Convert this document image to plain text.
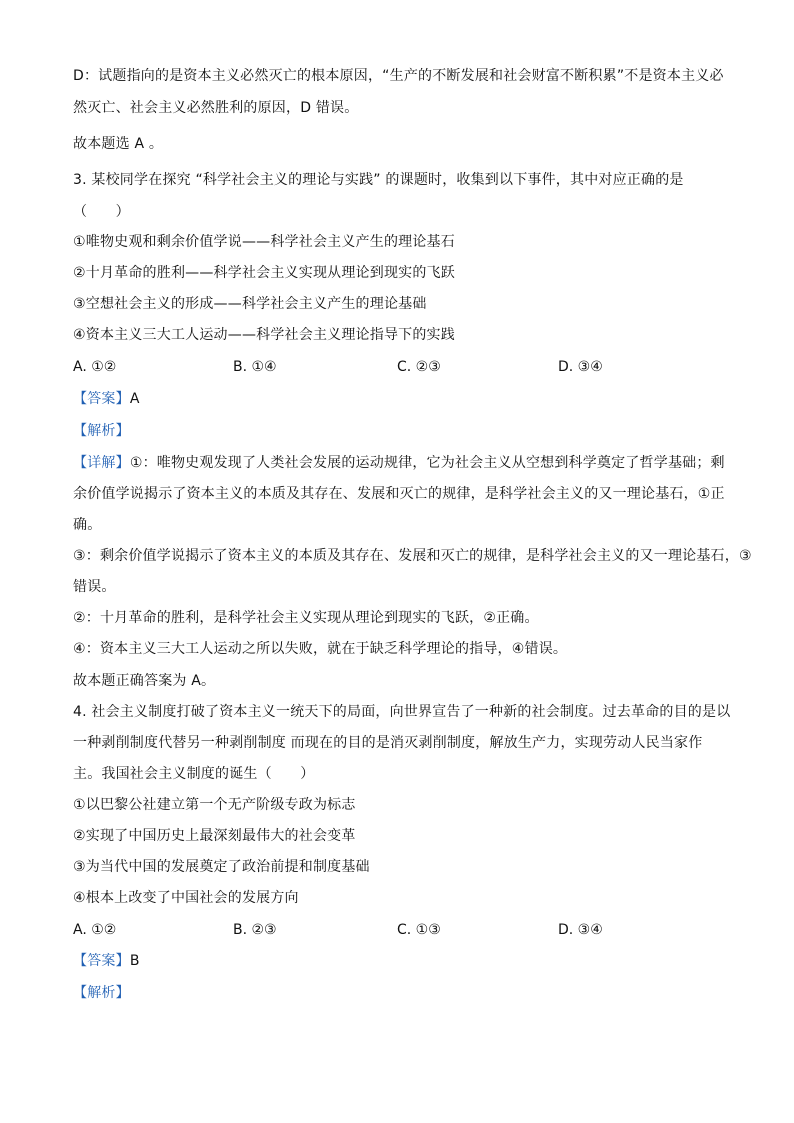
D：试题指向的是资本主义必然灭亡的根本原因，“生产的不断发展和社会财富不断积累”不是资本主义必
然灭亡、社会主义必然胜利的原因，D 错误。
故本题选 A 。
3. 某校同学在探究 “科学社会主义的理论与实践” 的课题时，收集到以下事件，其中对应正确的是
（　　）
①唯物史观和剩余价值学说——科学社会主义产生的理论基石
②十月革命的胜利——科学社会主义实现从理论到现实的飞跃
③空想社会主义的形成——科学社会主义产生的理论基础
④资本主义三大工人运动——科学社会主义理论指导下的实践
A. ①②	B. ①④	C. ②③	D. ③④
【答案】A
【解析】
【详解】①：唯物史观发现了人类社会发展的运动规律，它为社会主义从空想到科学奠定了哲学基础；剩
余价值学说揭示了资本主义的本质及其存在、发展和灭亡的规律，是科学社会主义的又一理论基石，①正
确。
③：剩余价值学说揭示了资本主义的本质及其存在、发展和灭亡的规律，是科学社会主义的又一理论基石，③
错误。
②：十月革命的胜利，是科学社会主义实现从理论到现实的飞跃，②正确。
④：资本主义三大工人运动之所以失败，就在于缺乏科学理论的指导，④错误。
故本题正确答案为 A。
4. 社会主义制度打破了资本主义一统天下的局面，向世界宣告了一种新的社会制度。过去革命的目的是以
一种剥削制度代替另一种剥削制度 而现在的目的是消灭剥削制度，解放生产力，实现劳动人民当家作
主。我国社会主义制度的诞生（　　）
①以巴黎公社建立第一个无产阶级专政为标志
②实现了中国历史上最深刻最伟大的社会变革
③为当代中国的发展奠定了政治前提和制度基础
④根本上改变了中国社会的发展方向
A. ①②	B. ②③	C. ①③	D. ③④
【答案】B
【解析】
